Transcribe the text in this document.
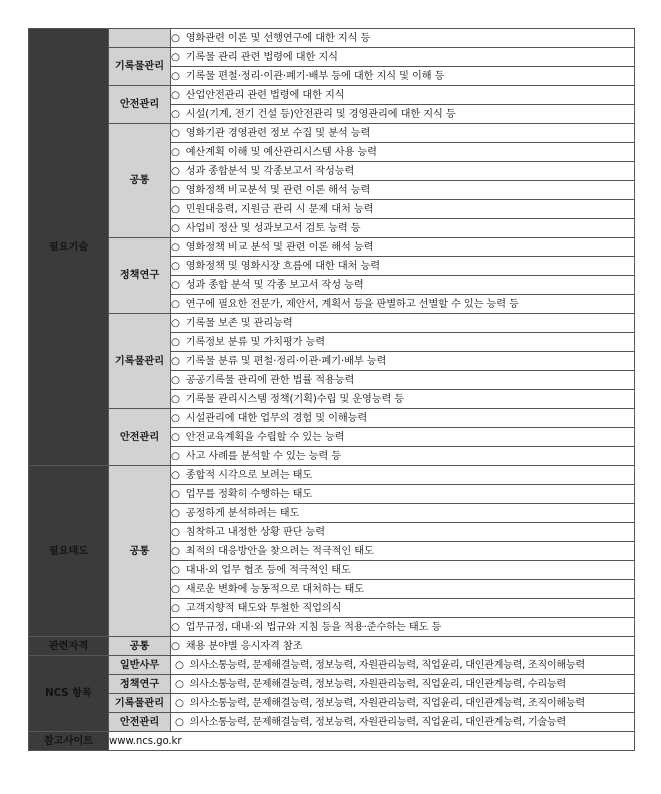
필요기술		○ 영화관련 이론 및 선행연구에 대한 지식 등
	기록물관리	○ 기록물 관리 관련 법령에 대한 지식
		○ 기록물 편철·정리·이관·폐기·배부 등에 대한 지식 및 이해 등
	안전관리	○ 산업안전관리 관련 법령에 대한 지식
		○ 시설(기계, 전기 건설 등)안전관리 및 경영관리에 대한 지식 등
	공통	○ 영화기관 경영관련 정보 수집 및 분석 능력
		○ 예산계획 이해 및 예산관리시스템 사용 능력
		○ 성과 종합분석 및 각종보고서 작성능력
		○ 영화정책 비교분석 및 관련 이론 해석 능력
		○ 민원대응력, 지원금 관리 시 문제 대처 능력
		○ 사업비 정산 및 성과보고서 검토 능력 등
	정책연구	○ 영화정책 비교 분석 및 관련 이론 해석 능력
		○ 영화정책 및 영화시장 흐름에 대한 대처 능력
		○ 성과 종합 분석 및 각종 보고서 작성 능력
		○ 연구에 필요한 전문가, 제안서, 계획서 등을 판별하고 선별할 수 있는 능력 등
	기록물관리	○ 기록물 보존 및 관리능력
		○ 기록정보 분류 및 가치평가 능력
		○ 기록물 분류 및 편철·정리·이관·폐기·배부 능력
		○ 공공기록물 관리에 관한 법률 적용능력
		○ 기록물 관리시스템 정책(기획)수립 및 운영능력 등
	안전관리	○ 시설관리에 대한 업무의 경험 및 이해능력
		○ 안전교육계획을 수립할 수 있는 능력
		○ 사고 사례를 분석할 수 있는 능력 등
필요태도	공통	○ 종합적 시각으로 보려는 태도
		○ 업무를 정확히 수행하는 태도
		○ 공정하게 분석하려는 태도
		○ 침착하고 내정한 상황 판단 능력
		○ 최적의 대응방안을 찾으려는 적극적인 태도
		○ 대내·외 업무 협조 등에 적극적인 태도
		○ 새로운 변화에 능동적으로 대처하는 태도
		○ 고객지향적 태도와 투철한 직업의식
		○ 업무규정, 대내·외 법규와 지침 등을 적용·준수하는 태도 등
관련자격	공통	○ 채용 분야별 응시자격 참조
NCS 항목	일반사무	○ 의사소통능력, 문제해결능력, 정보능력, 자원관리능력, 직업윤리, 대인관계능력, 조직이해능력
	정책연구	○ 의사소통능력, 문제해결능력, 정보능력, 자원관리능력, 직업윤리, 대인관계능력, 수리능력
	기록물관리	○ 의사소통능력, 문제해결능력, 정보능력, 자원관리능력, 직업윤리, 대인관계능력, 조직이해능력
	안전관리	○ 의사소통능력, 문제해결능력, 정보능력, 자원관리능력, 직업윤리, 대인관계능력, 기술능력
참고사이트	www.ncs.go.kr	
